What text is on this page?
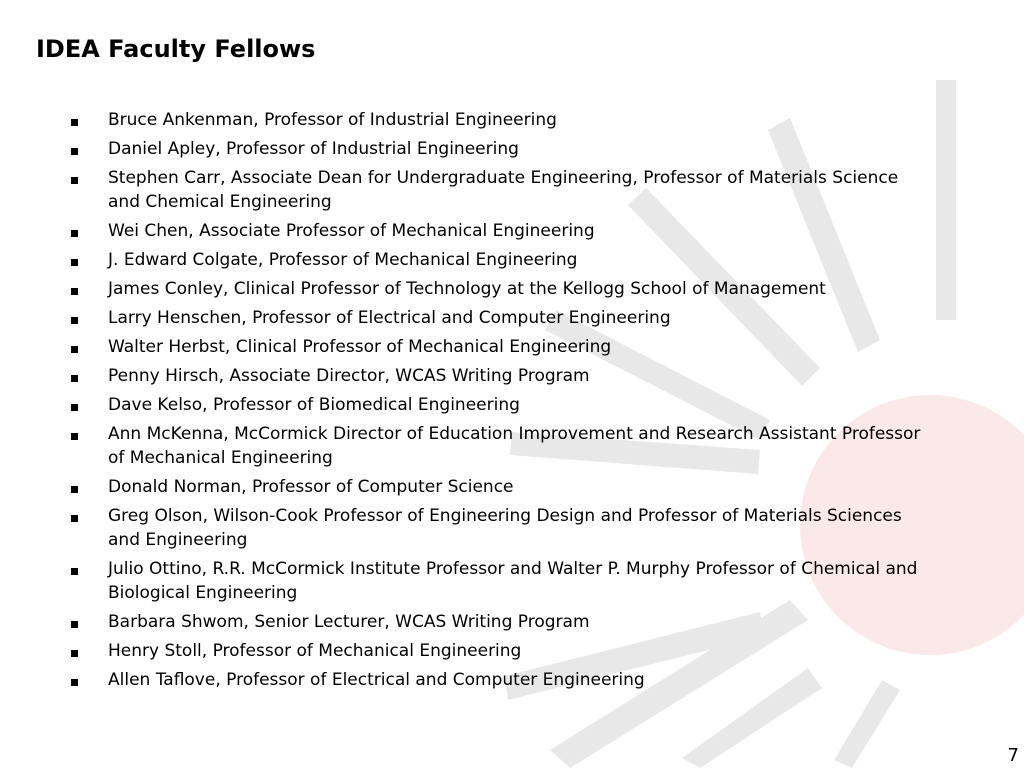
IDEA Faculty Fellows
Bruce Ankenman, Professor of Industrial Engineering
Daniel Apley, Professor of Industrial Engineering
Stephen Carr, Associate Dean for Undergraduate Engineering, Professor of Materials Science and Chemical Engineering
Wei Chen, Associate Professor of Mechanical Engineering
J. Edward Colgate, Professor of Mechanical Engineering
James Conley, Clinical Professor of Technology at the Kellogg School of Management
Larry Henschen, Professor of Electrical and Computer Engineering
Walter Herbst, Clinical Professor of Mechanical Engineering
Penny Hirsch, Associate Director, WCAS Writing Program
Dave Kelso, Professor of Biomedical Engineering
Ann McKenna, McCormick Director of Education Improvement and Research Assistant Professor of Mechanical Engineering
Donald Norman, Professor of Computer Science
Greg Olson, Wilson-Cook Professor of Engineering Design and Professor of Materials Sciences and Engineering
Julio Ottino, R.R. McCormick Institute Professor and Walter P. Murphy Professor of Chemical and Biological Engineering
Barbara Shwom, Senior Lecturer, WCAS Writing Program
Henry Stoll, Professor of Mechanical Engineering
Allen Taflove, Professor of Electrical and Computer Engineering
7
